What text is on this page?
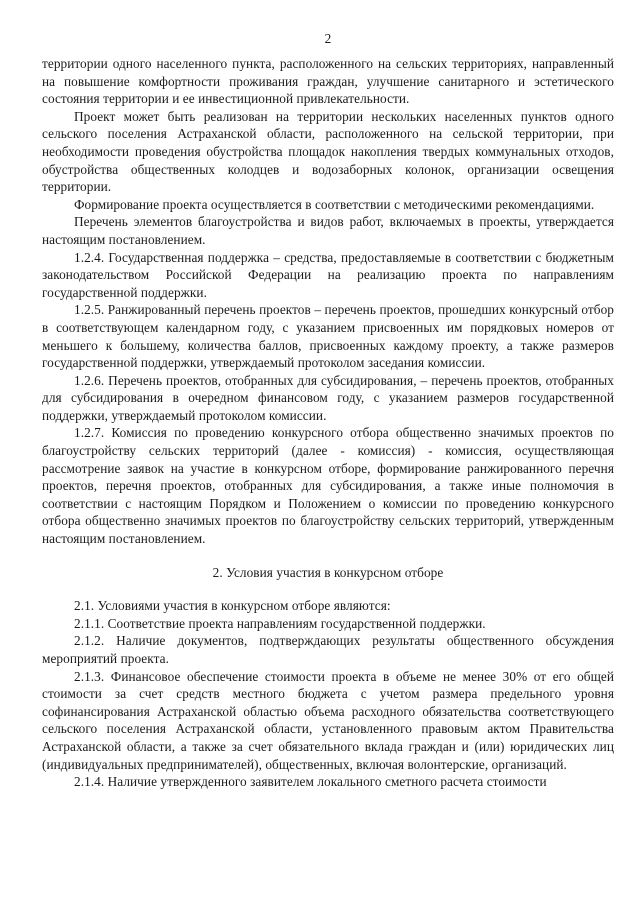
2

территории одного населенного пункта, расположенного на сельских территориях, направленный на повышение комфортности проживания граждан, улучшение санитарного и эстетического состояния территории и ее инвестиционной привлекательности.

Проект может быть реализован на территории нескольких населенных пунктов одного сельского поселения Астраханской области, расположенного на сельской территории, при необходимости проведения обустройства площадок накопления твердых коммунальных отходов, обустройства общественных колодцев и водозаборных колонок, организации освещения территории.

Формирование проекта осуществляется в соответствии с методическими рекомендациями.

Перечень элементов благоустройства и видов работ, включаемых в проекты, утверждается настоящим постановлением.

1.2.4. Государственная поддержка – средства, предоставляемые в соответствии с бюджетным законодательством Российской Федерации на реализацию проекта по направлениям государственной поддержки.

1.2.5. Ранжированный перечень проектов – перечень проектов, прошедших конкурсный отбор в соответствующем календарном году, с указанием присвоенных им порядковых номеров от меньшего к большему, количества баллов, присвоенных каждому проекту, а также размеров государственной поддержки, утверждаемый протоколом заседания комиссии.

1.2.6. Перечень проектов, отобранных для субсидирования, – перечень проектов, отобранных для субсидирования в очередном финансовом году, с указанием размеров государственной поддержки, утверждаемый протоколом комиссии.

1.2.7. Комиссия по проведению конкурсного отбора общественно значимых проектов по благоустройству сельских территорий (далее - комиссия) - комиссия, осуществляющая рассмотрение заявок на участие в конкурсном отборе, формирование ранжированного перечня проектов, перечня проектов, отобранных для субсидирования, а также иные полномочия в соответствии с настоящим Порядком и Положением о комиссии по проведению конкурсного отбора общественно значимых проектов по благоустройству сельских территорий, утвержденным настоящим постановлением.

2. Условия участия в конкурсном отборе

2.1. Условиями участия в конкурсном отборе являются:

2.1.1. Соответствие проекта направлениям государственной поддержки.

2.1.2. Наличие документов, подтверждающих результаты общественного обсуждения мероприятий проекта.

2.1.3. Финансовое обеспечение стоимости проекта в объеме не менее 30% от его общей стоимости за счет средств местного бюджета с учетом размера предельного уровня софинансирования Астраханской областью объема расходного обязательства соответствующего сельского поселения Астраханской области, установленного правовым актом Правительства Астраханской области, а также за счет обязательного вклада граждан и (или) юридических лиц (индивидуальных предпринимателей), общественных, включая волонтерские, организаций.

2.1.4. Наличие утвержденного заявителем локального сметного расчета стоимости
